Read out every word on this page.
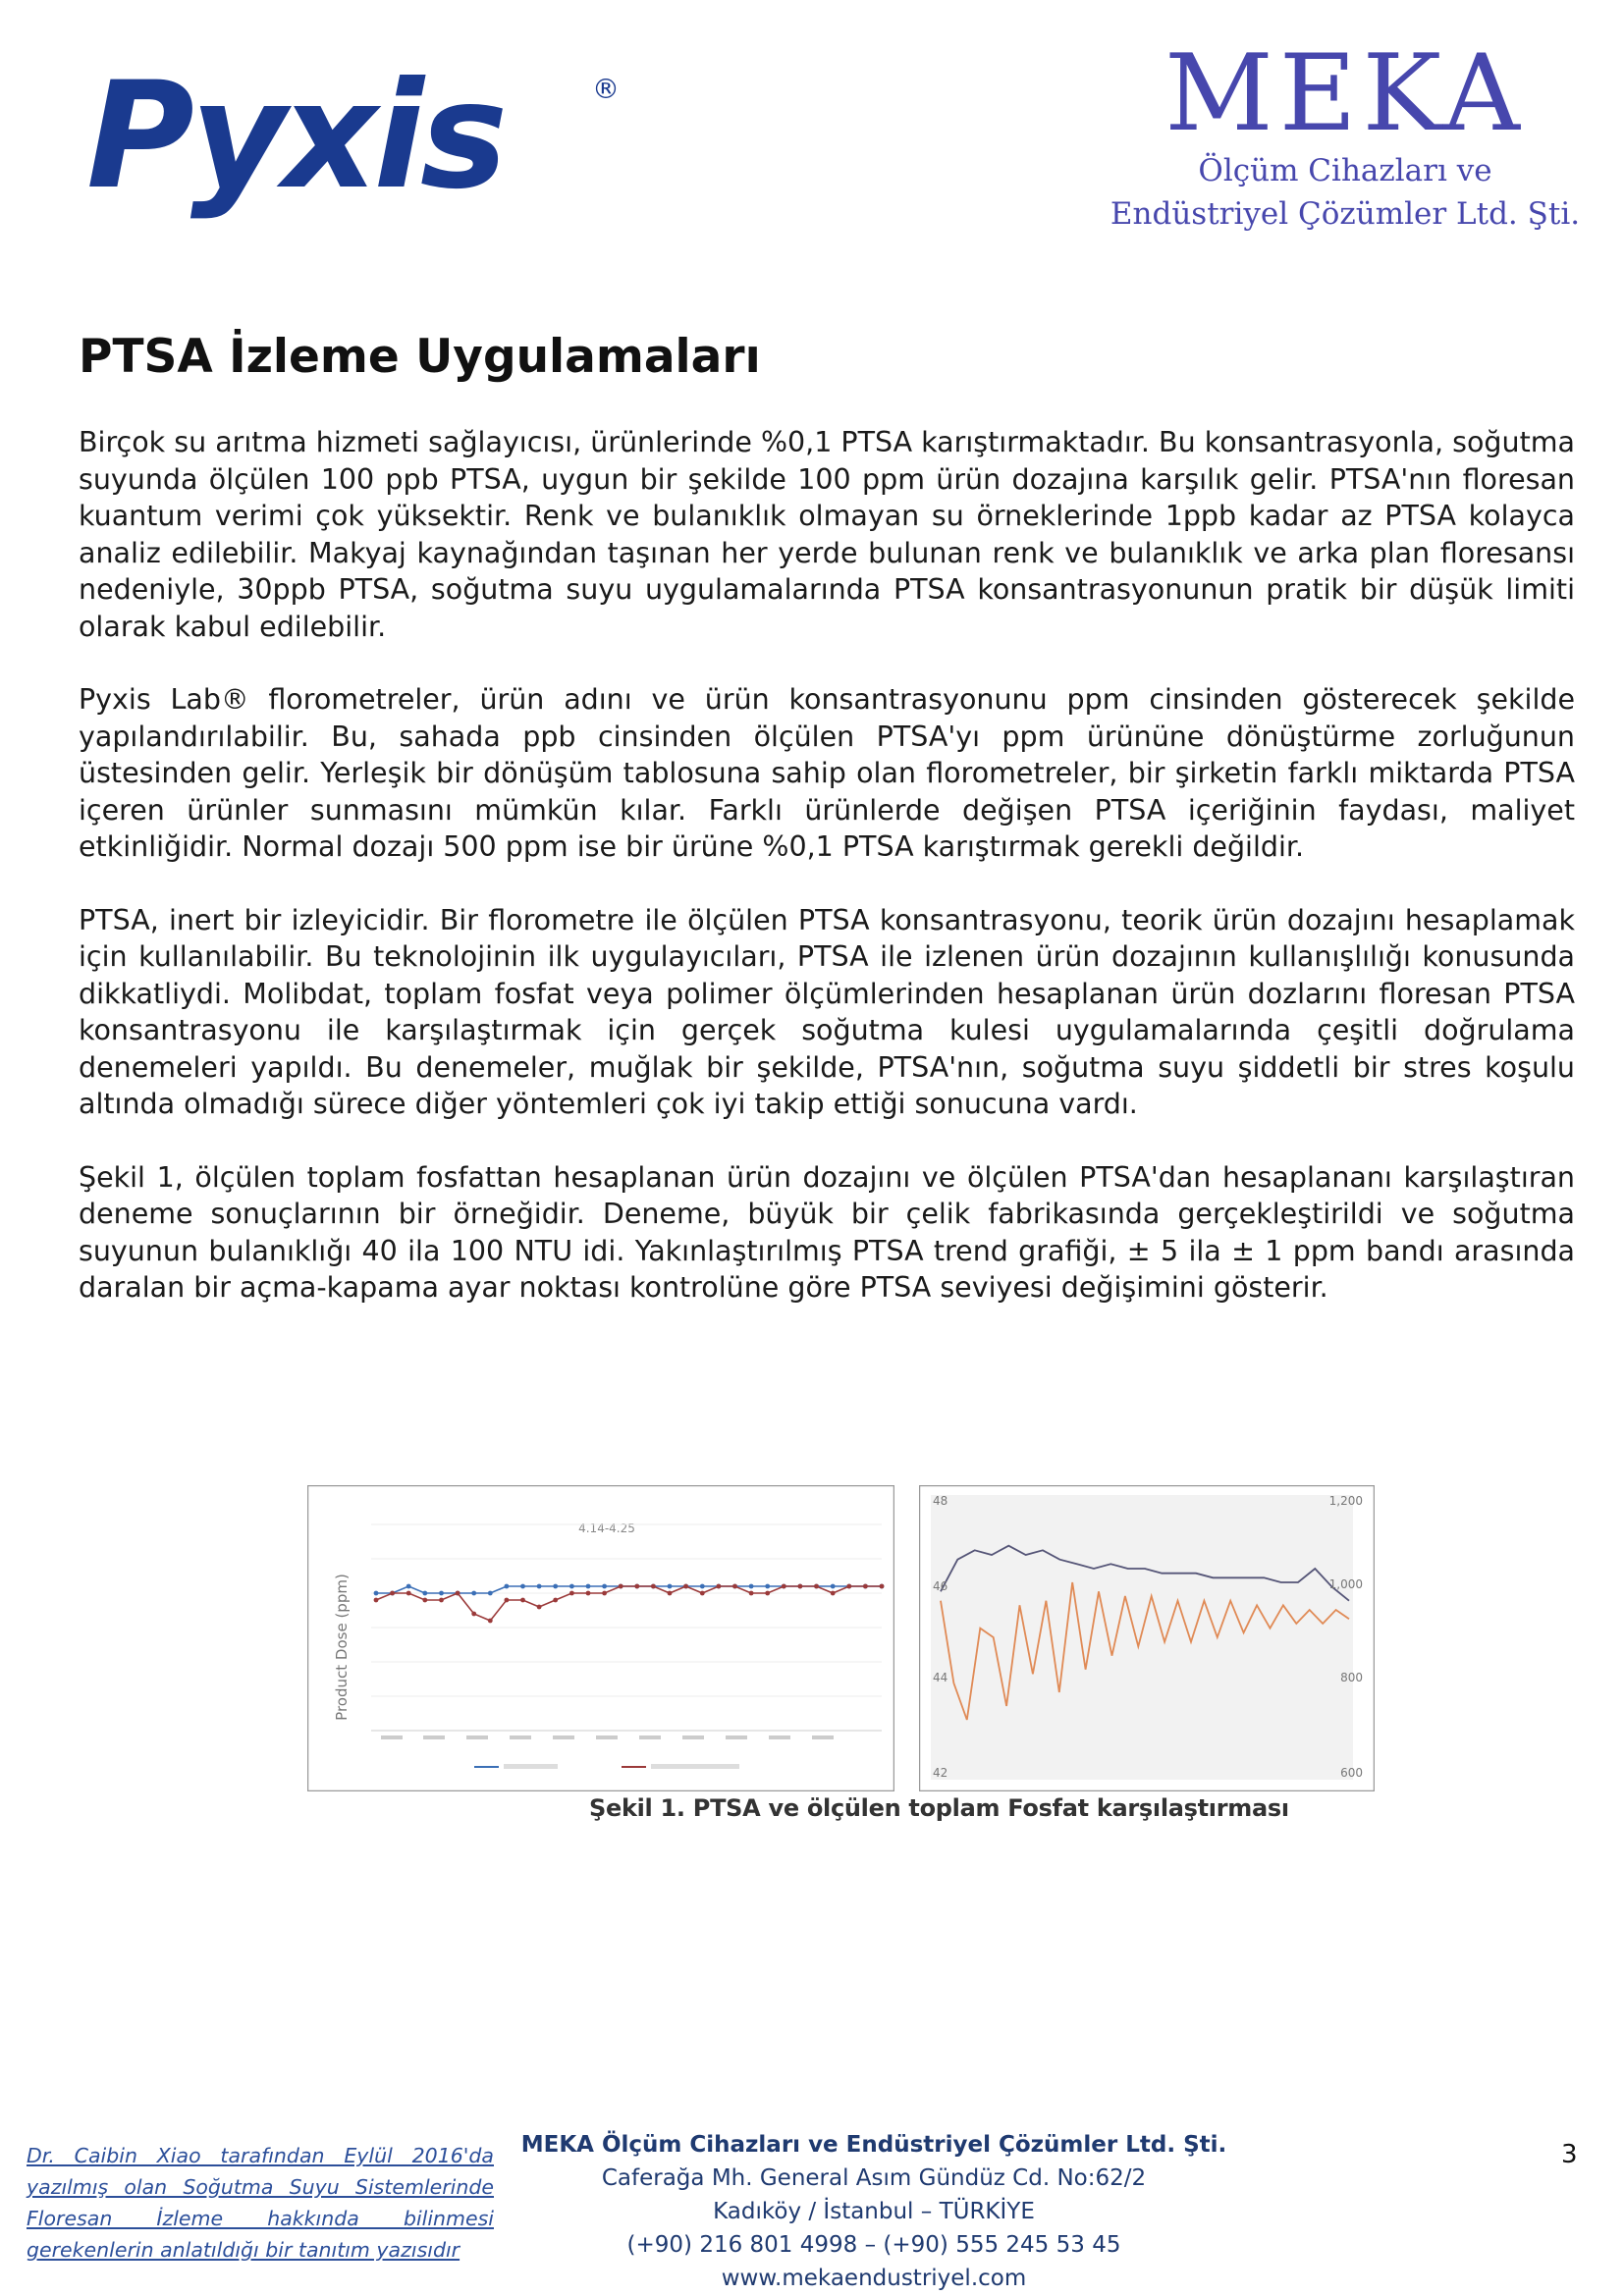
Pyxis	®	MEKA
Ölçüm Cihazları ve
Endüstriyel Çözümler Ltd. Şti.
PTSA İzleme Uygulamaları

Birçok su arıtma hizmeti sağlayıcısı, ürünlerinde %0,1 PTSA karıştırmaktadır. Bu konsantrasyonla, soğutma suyunda ölçülen 100 ppb PTSA, uygun bir şekilde 100 ppm ürün dozajına karşılık gelir. PTSA'nın floresan kuantum verimi çok yüksektir. Renk ve bulanıklık olmayan su örneklerinde 1ppb kadar az PTSA kolayca analiz edilebilir. Makyaj kaynağından taşınan her yerde bulunan renk ve bulanıklık ve arka plan floresansı nedeniyle, 30ppb PTSA, soğutma suyu uygulamalarında PTSA konsantrasyonunun pratik bir düşük limiti olarak kabul edilebilir.

Pyxis Lab® florometreler, ürün adını ve ürün konsantrasyonunu ppm cinsinden gösterecek şekilde yapılandırılabilir. Bu, sahada ppb cinsinden ölçülen PTSA'yı ppm ürününe dönüştürme zorluğunun üstesinden gelir. Yerleşik bir dönüşüm tablosuna sahip olan florometreler, bir şirketin farklı miktarda PTSA içeren ürünler sunmasını mümkün kılar. Farklı ürünlerde değişen PTSA içeriğinin faydası, maliyet etkinliğidir. Normal dozajı 500 ppm ise bir ürüne %0,1 PTSA karıştırmak gerekli değildir.

PTSA, inert bir izleyicidir. Bir florometre ile ölçülen PTSA konsantrasyonu, teorik ürün dozajını hesaplamak için kullanılabilir. Bu teknolojinin ilk uygulayıcıları, PTSA ile izlenen ürün dozajının kullanışlılığı konusunda dikkatliydi. Molibdat, toplam fosfat veya polimer ölçümlerinden hesaplanan ürün dozlarını floresan PTSA konsantrasyonu ile karşılaştırmak için gerçek soğutma kulesi uygulamalarında çeşitli doğrulama denemeleri yapıldı. Bu denemeler, muğlak bir şekilde, PTSA'nın, soğutma suyu şiddetli bir stres koşulu altında olmadığı sürece diğer yöntemleri çok iyi takip ettiği sonucuna vardı.

Şekil 1, ölçülen toplam fosfattan hesaplanan ürün dozajını ve ölçülen PTSA'dan hesaplananı karşılaştıran deneme sonuçlarının bir örneğidir. Deneme, büyük bir çelik fabrikasında gerçekleştirildi ve soğutma suyunun bulanıklığı 40 ila 100 NTU idi. Yakınlaştırılmış PTSA trend grafiği, ± 5 ila ± 1 ppm bandı arasında daralan bir açma-kapama ayar noktası kontrolüne göre PTSA seviyesi değişimini gösterir.

4.14-4.25
Product Dose (ppm)
48
46
44
42
1,200
1,000
800
600
Şekil 1. PTSA ve ölçülen toplam Fosfat karşılaştırması
Dr. Caibin Xiao tarafından Eylül 2016'da yazılmış olan Soğutma Suyu Sistemlerinde Floresan İzleme hakkında bilinmesi gerekenlerin anlatıldığı bir tanıtım yazısıdır
MEKA Ölçüm Cihazları ve Endüstriyel Çözümler Ltd. Şti.
Caferağa Mh. General Asım Gündüz Cd. No:62/2
Kadıköy / İstanbul – TÜRKİYE
(+90) 216 801 4998 – (+90) 555 245 53 45
www.mekaendustriyel.com
3
